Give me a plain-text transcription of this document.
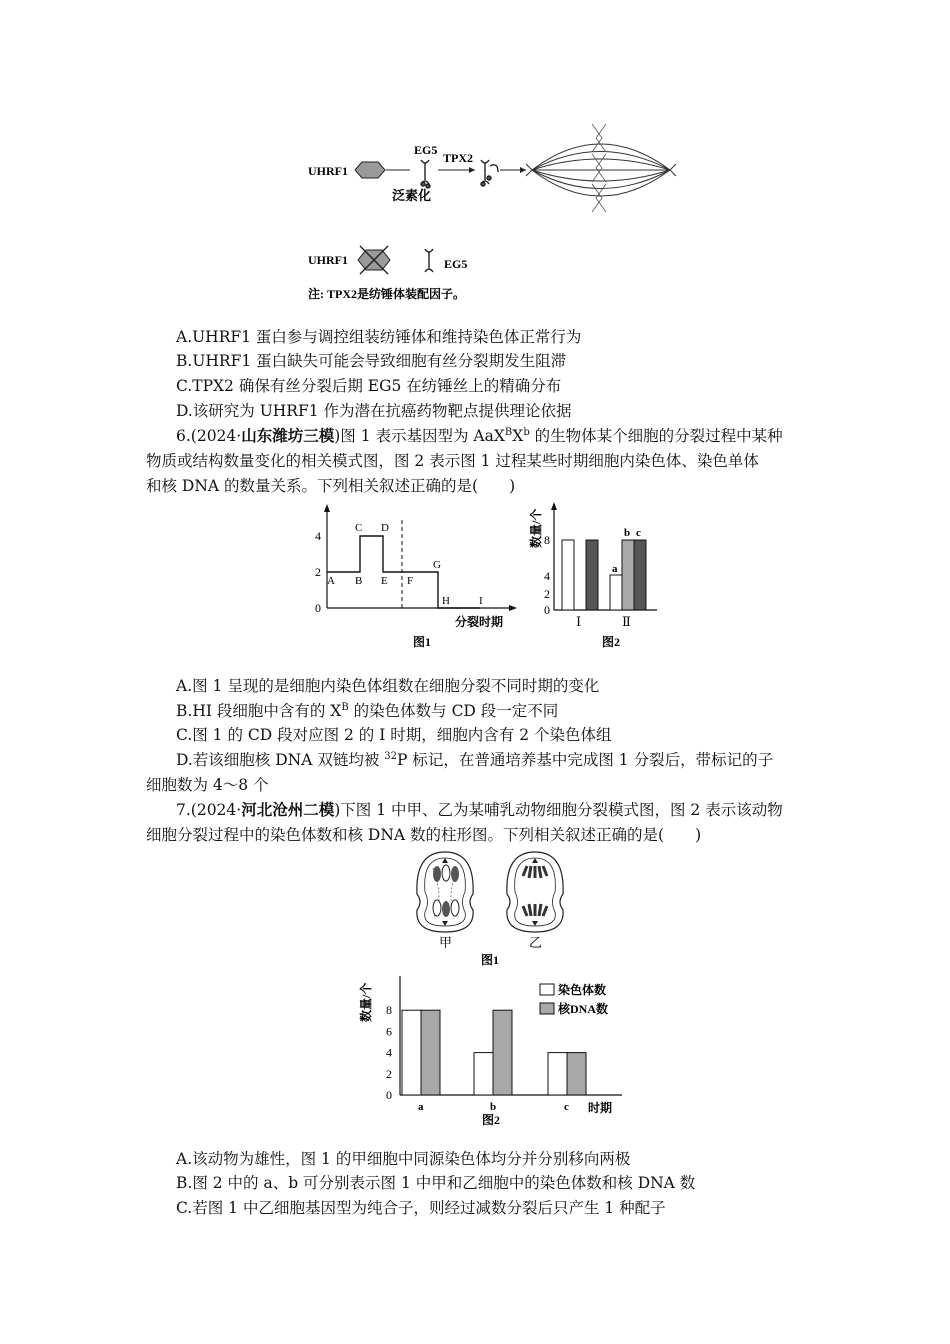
UHRF1
EG5
泛素化
TPX2
UHRF1	EG5
注: TPX2是纺锤体装配因子。
A.UHRF1 蛋白参与调控组装纺锤体和维持染色体正常行为
B.UHRF1 蛋白缺失可能会导致细胞有丝分裂期发生阻滞
C.TPX2 确保有丝分裂后期 EG5 在纺锤丝上的精确分布
D.该研究为 UHRF1 作为潜在抗癌药物靶点提供理论依据
6.(2024·山东潍坊三模)图 1 表示基因型为 $AaX^BX^b$ 的生物体某个细胞的分裂过程中某种
物质或结构数量变化的相关模式图，图 2 表示图 1 过程某些时期细胞内染色体、染色单体
和核 DNA 的数量关系。下列相关叙述正确的是(　　)
0
2
4
A B
C D
E F
G
H	I
分裂时期
图1
数量/个
0
2
4
8
a
b c
Ⅰ	Ⅱ
图2
A.图 1 呈现的是细胞内染色体组数在细胞分裂不同时期的变化
B.HI 段细胞中含有的 $X^B$ 的染色体数与 CD 段一定不同
C.图 1 的 CD 段对应图 2 的 Ⅰ 时期，细胞内含有 2 个染色体组
D.若该细胞核 DNA 双链均被 $^{32}$P 标记，在普通培养基中完成图 1 分裂后，带标记的子
细胞数为 4～8 个
7.(2024·河北沧州二模)下图 1 中甲、乙为某哺乳动物细胞分裂模式图，图 2 表示该动物
细胞分裂过程中的染色体数和核 DNA 数的柱形图。下列相关叙述正确的是(　　)
甲	乙
图1
数量/个
时期
图2
染色体数
核DNA数
0
2
4
6
8
a	b	c
A.该动物为雄性，图 1 的甲细胞中同源染色体均分并分别移向两极
B.图 2 中的 a、b 可分别表示图 1 中甲和乙细胞中的染色体数和核 DNA 数
C.若图 1 中乙细胞基因型为纯合子，则经过减数分裂后只产生 1 种配子
